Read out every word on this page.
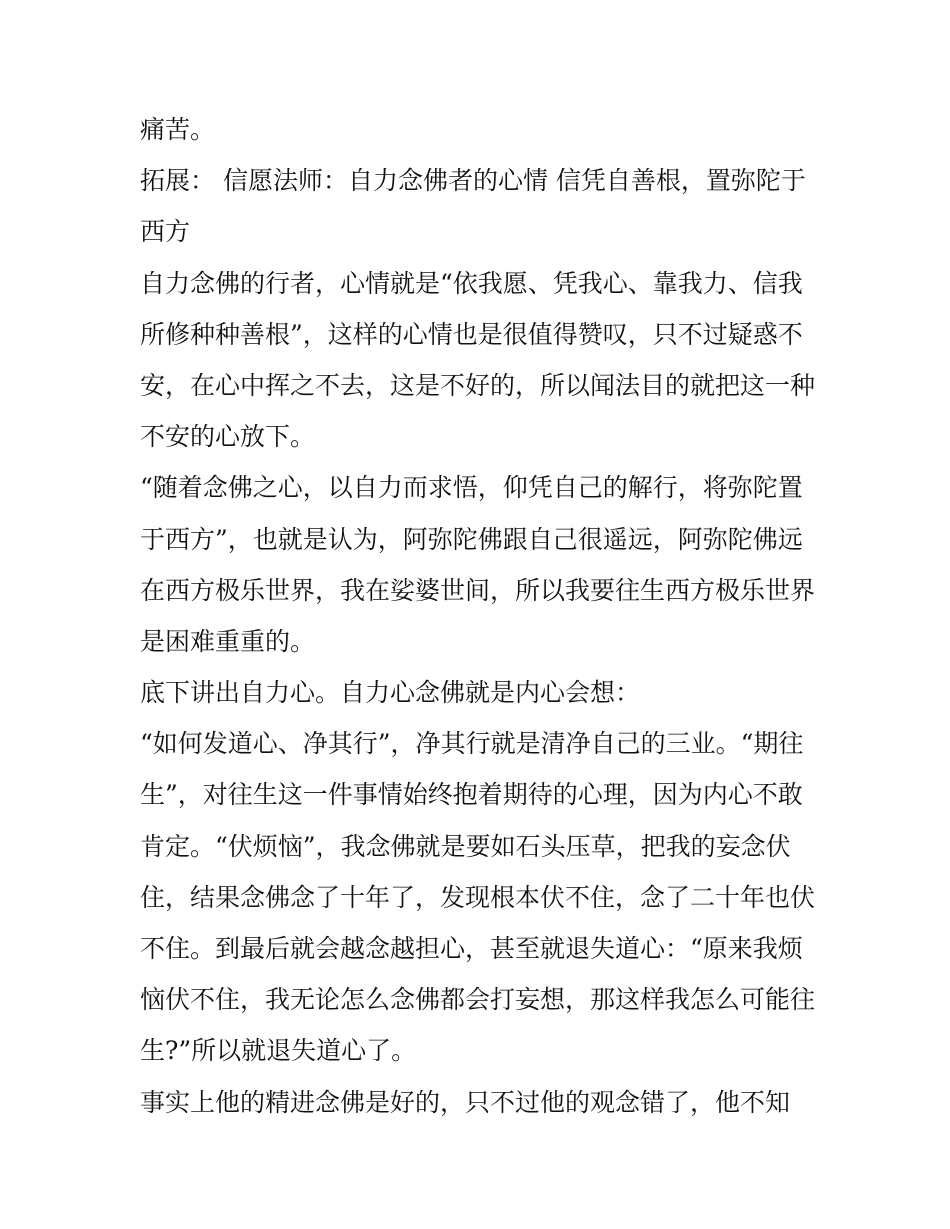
痛苦。
拓展： 信愿法师：自力念佛者的心情 信凭自善根，置弥陀于
西方
自力念佛的行者，心情就是“依我愿、凭我心、靠我力、信我
所修种种善根”，这样的心情也是很值得赞叹，只不过疑惑不
安，在心中挥之不去，这是不好的，所以闻法目的就把这一种
不安的心放下。
“随着念佛之心，以自力而求悟，仰凭自己的解行，将弥陀置
于西方”，也就是认为，阿弥陀佛跟自己很遥远，阿弥陀佛远
在西方极乐世界，我在娑婆世间，所以我要往生西方极乐世界
是困难重重的。
底下讲出自力心。自力心念佛就是内心会想：
“如何发道心、净其行”，净其行就是清净自己的三业。“期往
生”，对往生这一件事情始终抱着期待的心理，因为内心不敢
肯定。“伏烦恼”，我念佛就是要如石头压草，把我的妄念伏
住，结果念佛念了十年了，发现根本伏不住，念了二十年也伏
不住。到最后就会越念越担心，甚至就退失道心：“原来我烦
恼伏不住，我无论怎么念佛都会打妄想，那这样我怎么可能往
生?”所以就退失道心了。
事实上他的精进念佛是好的，只不过他的观念错了，他不知
